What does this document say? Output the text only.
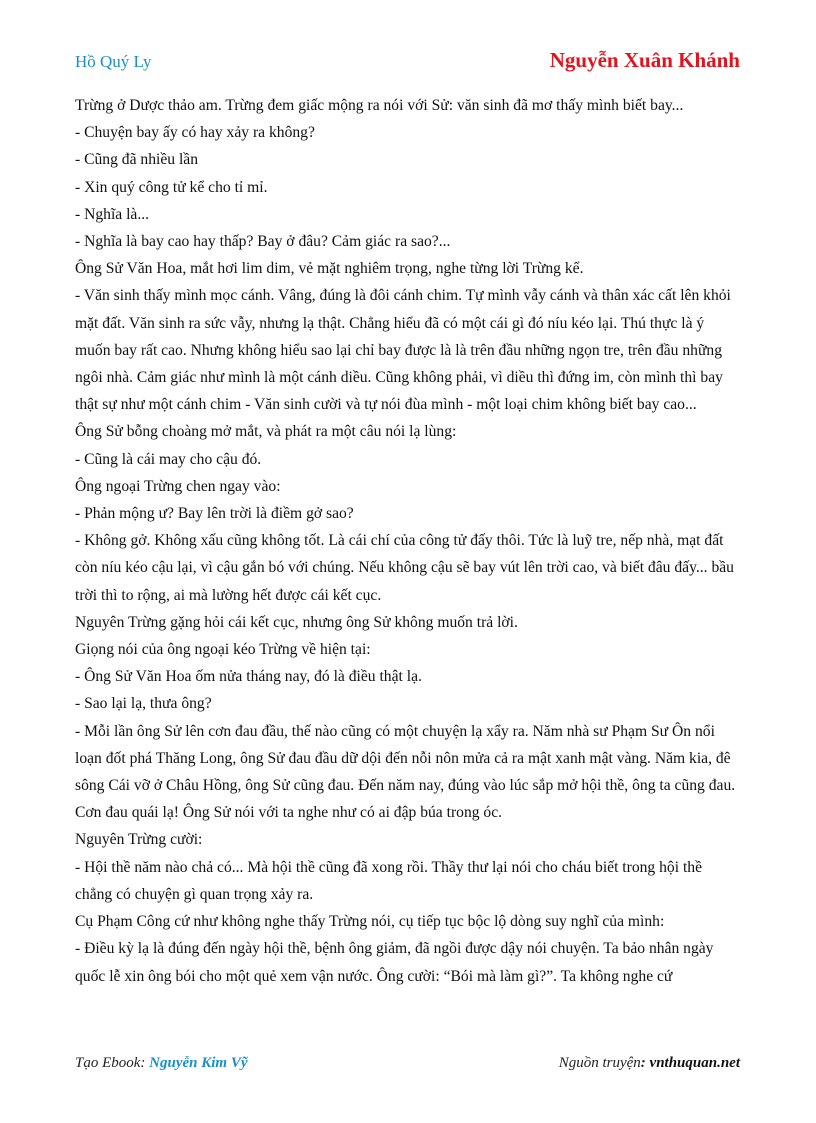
Hồ Quý Ly	Nguyễn Xuân Khánh

Trừng ở Dược thảo am. Trừng đem giấc mộng ra nói với Sử: văn sinh đã mơ thấy mình biết bay...

- Chuyện bay ấy có hay xảy ra không?

- Cũng đã nhiều lần

- Xin quý công tử kể cho tỉ mỉ.

- Nghĩa là...

- Nghĩa là bay cao hay thấp? Bay ở đâu? Cảm giác ra sao?...

Ông Sử Văn Hoa, mắt hơi lim dim, vẻ mặt nghiêm trọng, nghe từng lời Trừng kể.

- Văn sinh thấy mình mọc cánh. Vâng, đúng là đôi cánh chim. Tự mình vẫy cánh và thân xác cất lên khỏi mặt đất. Văn sinh ra sức vẫy, nhưng lạ thật. Chẳng hiểu đã có một cái gì đó níu kéo lại. Thú thực là ý muốn bay rất cao. Nhưng không hiểu sao lại chỉ bay được là là trên đầu những ngọn tre, trên đầu những ngôi nhà. Cảm giác như mình là một cánh diều. Cũng không phải, vì diều thì đứng im, còn mình thì bay thật sự như một cánh chim - Văn sinh cười và tự nói đùa mình - một loại chim không biết bay cao...

Ông Sử bỗng choàng mở mắt, và phát ra một câu nói lạ lùng:

- Cũng là cái may cho cậu đó.

Ông ngoại Trừng chen ngay vào:

- Phản mộng ư? Bay lên trời là điềm gở sao?

- Không gở. Không xấu cũng không tốt. Là cái chí của công tử đấy thôi. Tức là luỹ tre, nếp nhà, mạt đất còn níu kéo cậu lại, vì cậu gắn bó với chúng. Nếu không cậu sẽ bay vút lên trời cao, và biết đâu đấy... bầu trời thì to rộng, ai mà lường hết được cái kết cục.

Nguyên Trừng gặng hỏi cái kết cục, nhưng ông Sử không muốn trả lời.

Giọng nói của ông ngoại kéo Trừng về hiện tại:

- Ông Sử Văn Hoa ốm nửa tháng nay, đó là điều thật lạ.

- Sao lại lạ, thưa ông?

- Mỗi lần ông Sử lên cơn đau đầu, thế nào cũng có một chuyện lạ xẩy ra. Năm nhà sư Phạm Sư Ôn nổi loạn đốt phá Thăng Long, ông Sử đau đầu dữ dội đến nỗi nôn mửa cả ra mật xanh mật vàng. Năm kia, đê sông Cái vỡ ở Châu Hồng, ông Sử cũng đau. Đến năm nay, đúng vào lúc sắp mở hội thề, ông ta cũng đau. Cơn đau quái lạ! Ông Sử nói với ta nghe như có ai đập búa trong óc.

Nguyên Trừng cười:

- Hội thề năm nào chả có... Mà hội thề cũng đã xong rồi. Thầy thư lại nói cho cháu biết trong hội thề chẳng có chuyện gì quan trọng xảy ra.

Cụ Phạm Công cứ như không nghe thấy Trừng nói, cụ tiếp tục bộc lộ dòng suy nghĩ của mình:

- Điều kỳ lạ là đúng đến ngày hội thề, bệnh ông giảm, đã ngồi được dậy nói chuyện. Ta bảo nhân ngày quốc lễ xin ông bói cho một quẻ xem vận nước. Ông cười: “Bói mà làm gì?”. Ta không nghe cứ

Tạo Ebook: Nguyễn Kim Vỹ	Nguồn truyện: vnthuquan.net
